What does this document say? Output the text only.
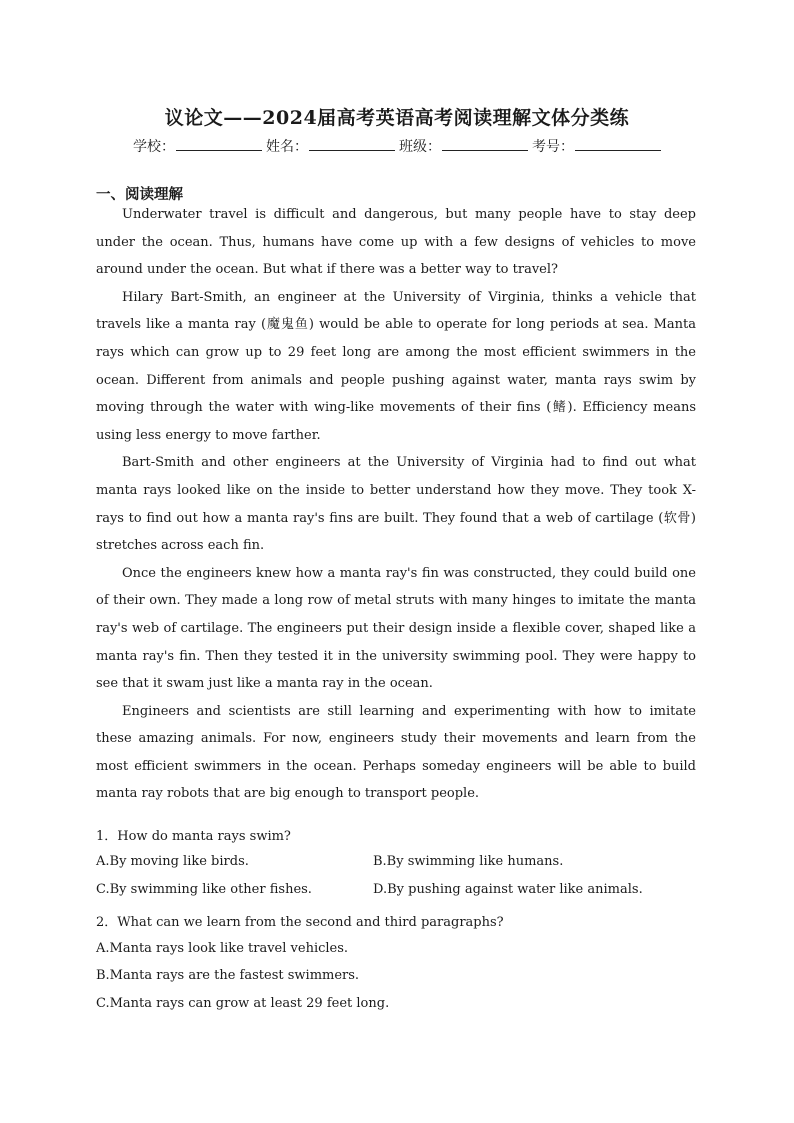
议论文——2024届高考英语高考阅读理解文体分类练
学校：	姓名：	班级：	考号：
一、阅读理解

Underwater travel is difficult and dangerous, but many people have to stay deep under the ocean. Thus, humans have come up with a few designs of vehicles to move around under the ocean. But what if there was a better way to travel?

Hilary Bart-Smith, an engineer at the University of Virginia, thinks a vehicle that travels like a manta ray (魔鬼鱼) would be able to operate for long periods at sea. Manta rays which can grow up to 29 feet long are among the most efficient swimmers in the ocean. Different from animals and people pushing against water, manta rays swim by moving through the water with wing-like movements of their fins (鳍). Efficiency means using less energy to move farther.

Bart-Smith and other engineers at the University of Virginia had to find out what manta rays looked like on the inside to better understand how they move. They took X-rays to find out how a manta ray's fins are built. They found that a web of cartilage (软骨) stretches across each fin.

Once the engineers knew how a manta ray's fin was constructed, they could build one of their own. They made a long row of metal struts with many hinges to imitate the manta ray's web of cartilage. The engineers put their design inside a flexible cover, shaped like a manta ray's fin. Then they tested it in the university swimming pool. They were happy to see that it swam just like a manta ray in the ocean.

Engineers and scientists are still learning and experimenting with how to imitate these amazing animals. For now, engineers study their movements and learn from the most efficient swimmers in the ocean. Perhaps someday engineers will be able to build manta ray robots that are big enough to transport people.

1．How do manta rays swim?
A.By moving like birds.	B.By swimming like humans.
C.By swimming like other fishes.	D.By pushing against water like animals.
2．What can we learn from the second and third paragraphs?
A.Manta rays look like travel vehicles.
B.Manta rays are the fastest swimmers.
C.Manta rays can grow at least 29 feet long.
